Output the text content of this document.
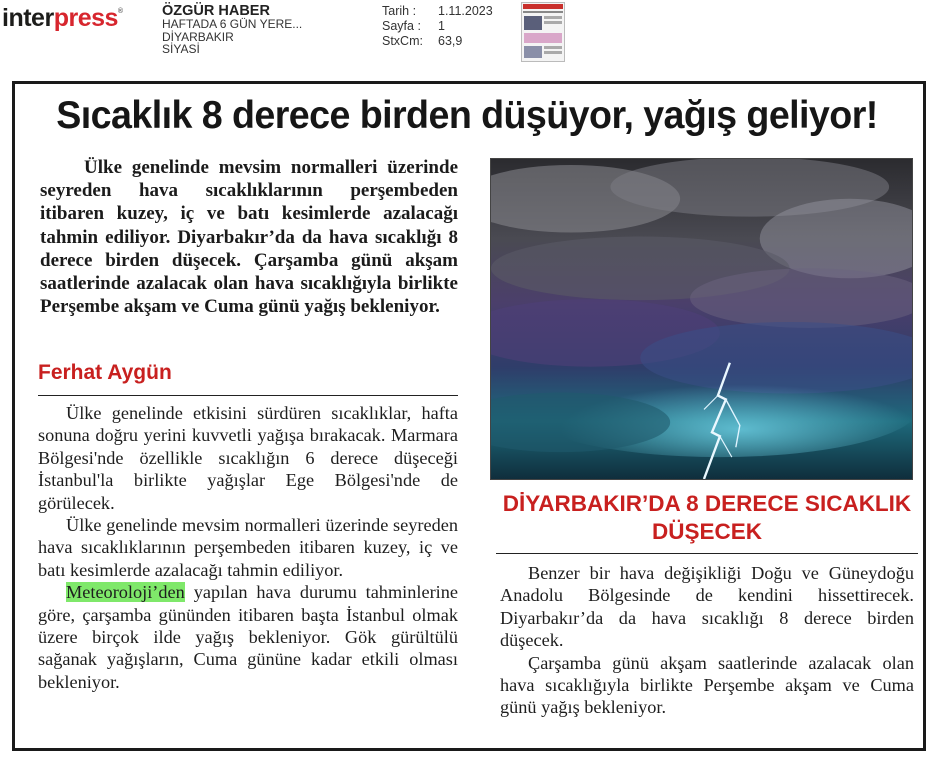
interpress®	ÖZGÜR HABER
HAFTADA 6 GÜN YERE...
DİYARBAKIR
SİYASİ
Tarih :	1.11.2023
Sayfa :	1
StxCm:	63,9
Sıcaklık 8 derece birden düşüyor, yağış geliyor!

Ülke genelinde mevsim normalleri üzerinde seyreden hava sıcaklıklarının perşembeden itibaren kuzey, iç ve batı kesimlerde azalacağı tahmin ediliyor. Diyarbakır’da da hava sıcaklığı 8 derece birden düşecek. Çarşamba günü akşam saatlerinde azalacak olan hava sıcaklığıyla birlikte Perşembe akşam ve Cuma günü yağış bekleniyor.

Ferhat Aygün

Ülke genelinde etkisini sürdüren sıcaklıklar, hafta sonuna doğru yerini kuvvetli yağışa bırakacak. Marmara Bölgesi'nde özellikle sıcaklığın 6 derece düşeceği İstanbul'la birlikte yağışlar Ege Bölgesi'nde de görülecek.

Ülke genelinde mevsim normalleri üzerinde seyreden hava sıcaklıklarının perşembeden itibaren kuzey, iç ve batı kesimlerde azalacağı tahmin ediliyor.

Meteoroloji’den yapılan hava durumu tahminlerine göre, çarşamba gününden itibaren başta İstanbul olmak üzere birçok ilde yağış bekleniyor. Gök gürültülü sağanak yağışların, Cuma gününe kadar etkili olması bekleniyor.

DİYARBAKIR’DA 8 DERECE SICAKLIK DÜŞECEK

Benzer bir hava değişikliği Doğu ve Güneydoğu Anadolu Bölgesinde de kendini hissettirecek. Diyarbakır’da da hava sıcaklığı 8 derece birden düşecek.

Çarşamba günü akşam saatlerinde azalacak olan hava sıcaklığıyla birlikte Perşembe akşam ve Cuma günü yağış bekleniyor.
